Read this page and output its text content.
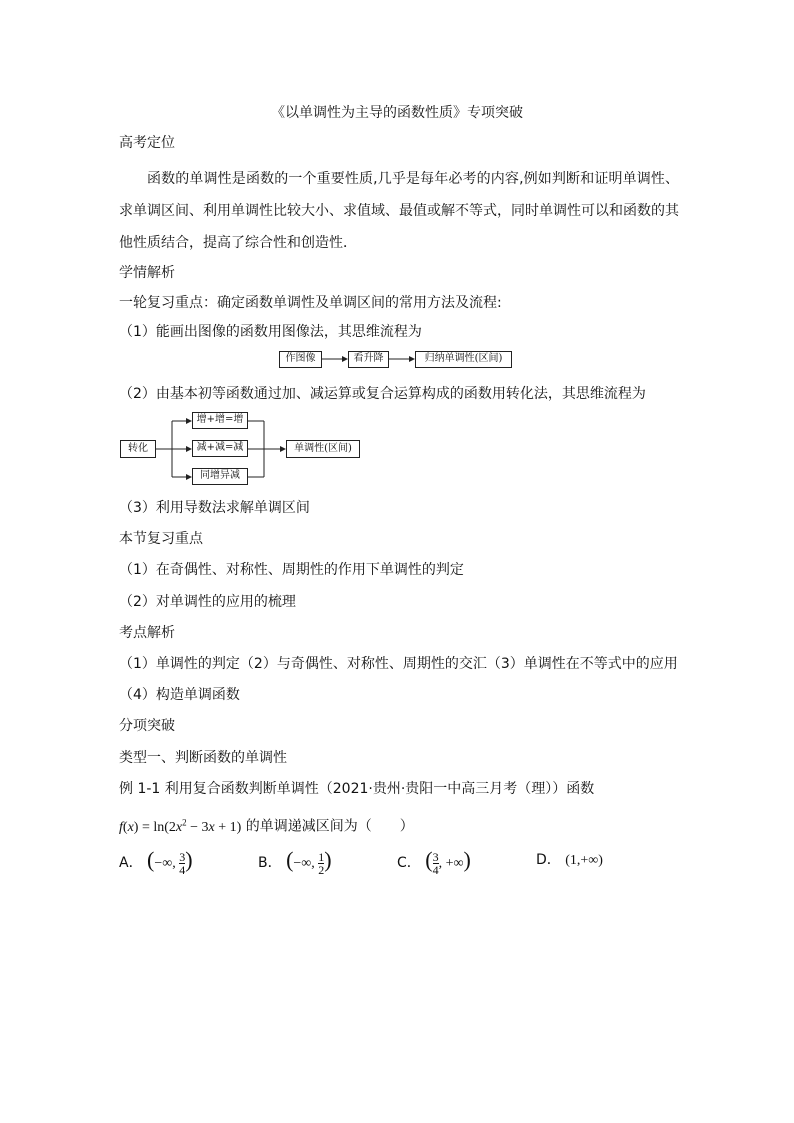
《以单调性为主导的函数性质》专项突破
高考定位
函数的单调性是函数的一个重要性质,几乎是每年必考的内容,例如判断和证明单调性、求单调区间、利用单调性比较大小、求值域、最值或解不等式，同时单调性可以和函数的其他性质结合，提高了综合性和创造性．
学情解析
一轮复习重点：确定函数单调性及单调区间的常用方法及流程:
（1）能画出图像的函数用图像法，其思维流程为
作图像	看升降	归纳单调性(区间)
（2）由基本初等函数通过加、减运算或复合运算构成的函数用转化法，其思维流程为
转化
增+增=增
减+减=减
同增异减
单调性(区间)
（3）利用导数法求解单调区间
本节复习重点
（1）在奇偶性、对称性、周期性的作用下单调性的判定
（2）对单调性的应用的梳理
考点解析
（1）单调性的判定（2）与奇偶性、对称性、周期性的交汇（3）单调性在不等式中的应用
（4）构造单调函数
分项突破
类型一、判断函数的单调性
例 1-1 利用复合函数判断单调性（2021·贵州·贵阳一中高三月考（理））函数
$f(x) = \ln(2x^2 - 3x + 1)$ 的单调递减区间为（　　）
A． (−∞, $\frac{3}{4}$ )	B． (−∞, $\frac{1}{2}$ )	C． ( $\frac{3}{4}$ , +∞)	D． (1,+∞)
